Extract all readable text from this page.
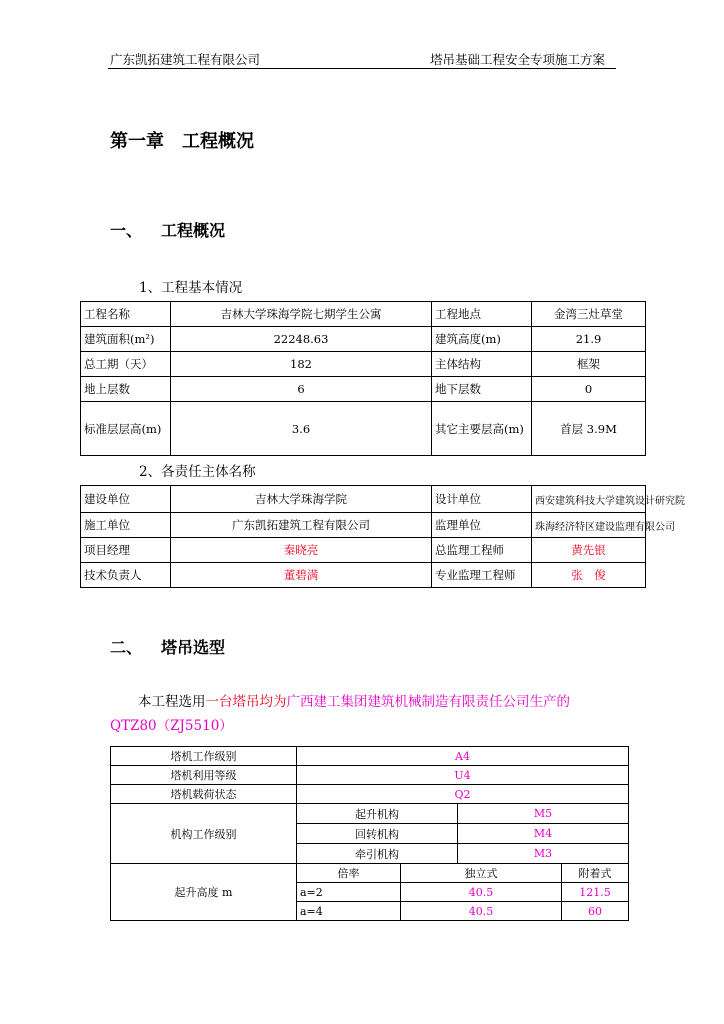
广东凯拓建筑工程有限公司	塔吊基础工程安全专项施工方案
第一章　工程概况
一、 工程概况
1、工程基本情况
工程名称	吉林大学珠海学院七期学生公寓	工程地点	金湾三灶草堂
建筑面积(m²)	22248.63	建筑高度(m)	21.9
总工期（天）	182	主体结构	框架
地上层数	6	地下层数	0
标准层层高(m)	3.6	其它主要层高(m)	首层 3.9M
2、各责任主体名称
建设单位	吉林大学珠海学院	设计单位	西安建筑科技大学建筑设计研究院
施工单位	广东凯拓建筑工程有限公司	监理单位	珠海经济特区建设监理有限公司
项目经理	秦晓亮	总监理工程师	黄先银
技术负责人	董碧满	专业监理工程师	张　俊
二、 塔吊选型
本工程选用一台塔吊均为广西建工集团建筑机械制造有限责任公司生产的
QTZ80（ZJ5510）
塔机工作级别	A4			
塔机利用等级	U4			
塔机载荷状态	Q2			
机构工作级别	起升机构		M5	
	回转机构		M4	
	牵引机构		M3	
起升高度 m	倍率	独立式		附着式
	a=2	40.5		121.5
	a=4	40.5		60
